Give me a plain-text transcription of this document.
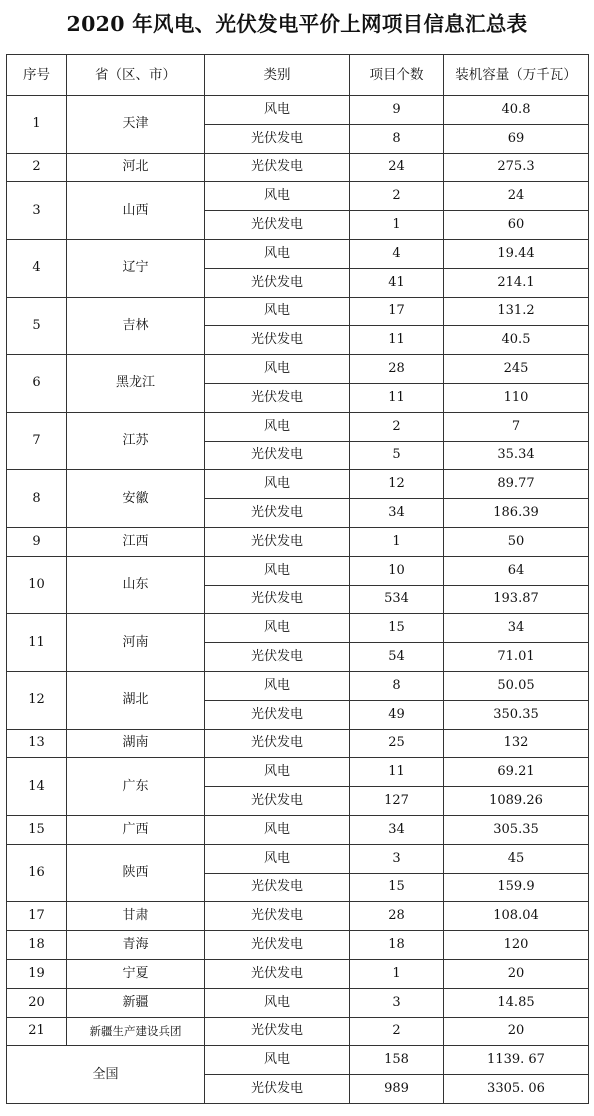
2020 年风电、光伏发电平价上网项目信息汇总表
序号	省（区、市）	类别	项目个数	装机容量（万千瓦）
1	天津	风电	9	40.8
		光伏发电	8	69
2	河北	光伏发电	24	275.3
3	山西	风电	2	24
		光伏发电	1	60
4	辽宁	风电	4	19.44
		光伏发电	41	214.1
5	吉林	风电	17	131.2
		光伏发电	11	40.5
6	黑龙江	风电	28	245
		光伏发电	11	110
7	江苏	风电	2	7
		光伏发电	5	35.34
8	安徽	风电	12	89.77
		光伏发电	34	186.39
9	江西	光伏发电	1	50
10	山东	风电	10	64
		光伏发电	534	193.87
11	河南	风电	15	34
		光伏发电	54	71.01
12	湖北	风电	8	50.05
		光伏发电	49	350.35
13	湖南	光伏发电	25	132
14	广东	风电	11	69.21
		光伏发电	127	1089.26
15	广西	风电	34	305.35
16	陕西	风电	3	45
		光伏发电	15	159.9
17	甘肃	光伏发电	28	108.04
18	青海	光伏发电	18	120
19	宁夏	光伏发电	1	20
20	新疆	风电	3	14.85
21	新疆生产建设兵团	光伏发电	2	20
全国		风电	158	1139. 67
		光伏发电	989	3305. 06
